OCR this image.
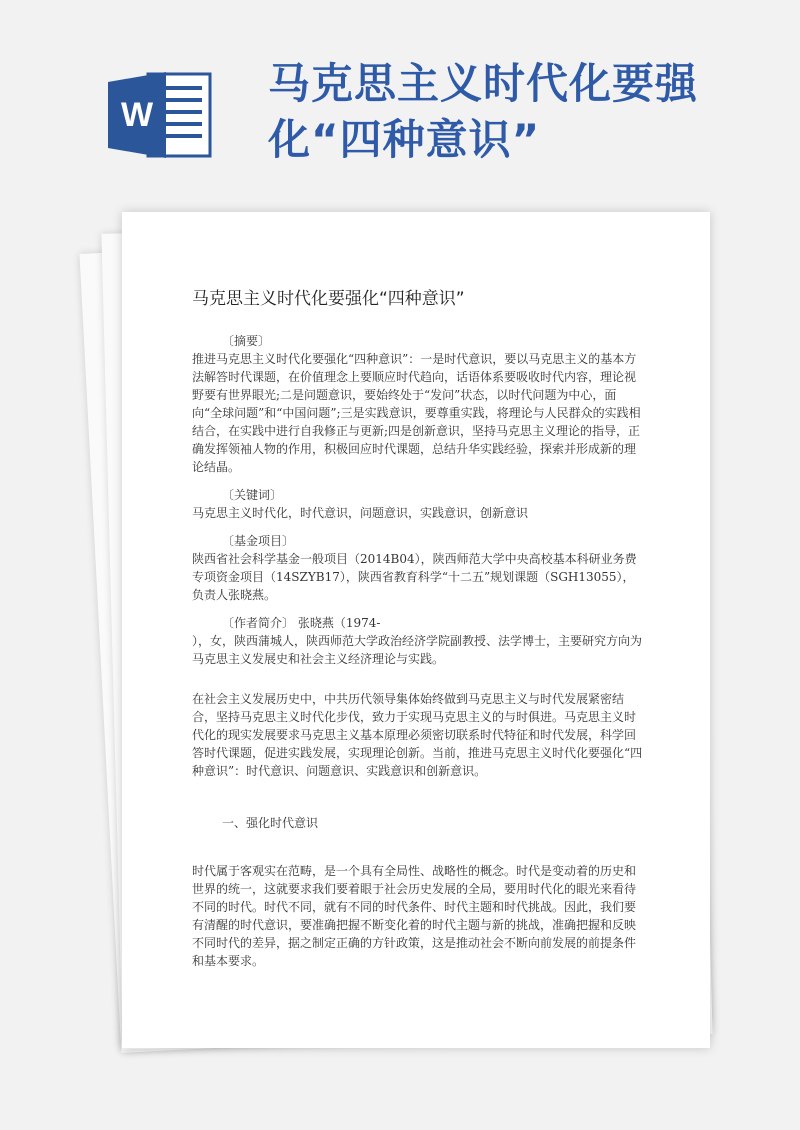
W
马克思主义时代化要强化“四种意识”
马克思主义时代化要强化“四种意识”
〔摘要〕

推进马克思主义时代化要强化“四种意识”：一是时代意识，要以马克思主义的基本方法解答时代课题，在价值理念上要顺应时代趋向，话语体系要吸收时代内容，理论视野要有世界眼光;二是问题意识，要始终处于“发问”状态，以时代问题为中心，面向“全球问题”和“中国问题”;三是实践意识，要尊重实践，将理论与人民群众的实践相结合，在实践中进行自我修正与更新;四是创新意识，坚持马克思主义理论的指导，正确发挥领袖人物的作用，积极回应时代课题，总结升华实践经验，探索并形成新的理论结晶。

〔关键词〕

马克思主义时代化，时代意识，问题意识，实践意识，创新意识

〔基金项目〕

陕西省社会科学基金一般项目（2014B04），陕西师范大学中央高校基本科研业务费专项资金项目（14SZYB17），陕西省教育科学“十二五”规划课题（SGH13055），负责人张晓燕。

〔作者简介〕 张晓燕（1974-

），女，陕西蒲城人，陕西师范大学政治经济学院副教授、法学博士，主要研究方向为马克思主义发展史和社会主义经济理论与实践。

在社会主义发展历史中，中共历代领导集体始终做到马克思主义与时代发展紧密结合，坚持马克思主义时代化步伐，致力于实现马克思主义的与时俱进。马克思主义时代化的现实发展要求马克思主义基本原理必须密切联系时代特征和时代发展，科学回答时代课题，促进实践发展，实现理论创新。当前，推进马克思主义时代化要强化“四种意识”：时代意识、问题意识、实践意识和创新意识。

一、强化时代意识

时代属于客观实在范畴，是一个具有全局性、战略性的概念。时代是变动着的历史和世界的统一，这就要求我们要着眼于社会历史发展的全局，要用时代化的眼光来看待不同的时代。时代不同，就有不同的时代条件、时代主题和时代挑战。因此，我们要有清醒的时代意识，要准确把握不断变化着的时代主题与新的挑战，准确把握和反映不同时代的差异，据之制定正确的方针政策，这是推动社会不断向前发展的前提条件和基本要求。
